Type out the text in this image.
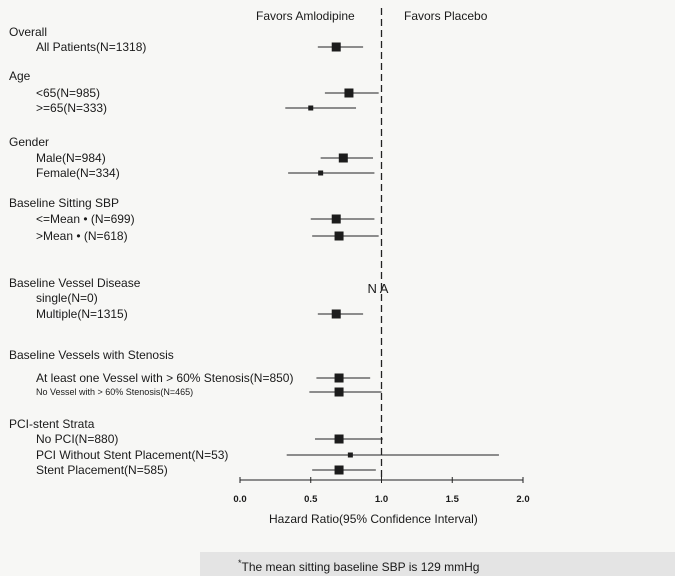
Favors Amlodipine	Favors Placebo
Overall
All Patients(N=1318)
Age
<65(N=985)
>=65(N=333)
Gender
Male(N=984)
Female(N=334)
Baseline Sitting SBP
<=Mean • (N=699)
>Mean • (N=618)
Baseline Vessel Disease
single(N=0)
N A
Multiple(N=1315)
Baseline Vessels with Stenosis
At least one Vessel with > 60% Stenosis(N=850)
No Vessel with > 60% Stenosis(N=465)
PCI-stent Strata
No PCI(N=880)
PCI Without Stent Placement(N=53)
Stent Placement(N=585)
0.0	0.5	1.0	1.5	2.0
Hazard Ratio(95% Confidence Interval)
*The mean sitting baseline SBP is 129 mmHg
